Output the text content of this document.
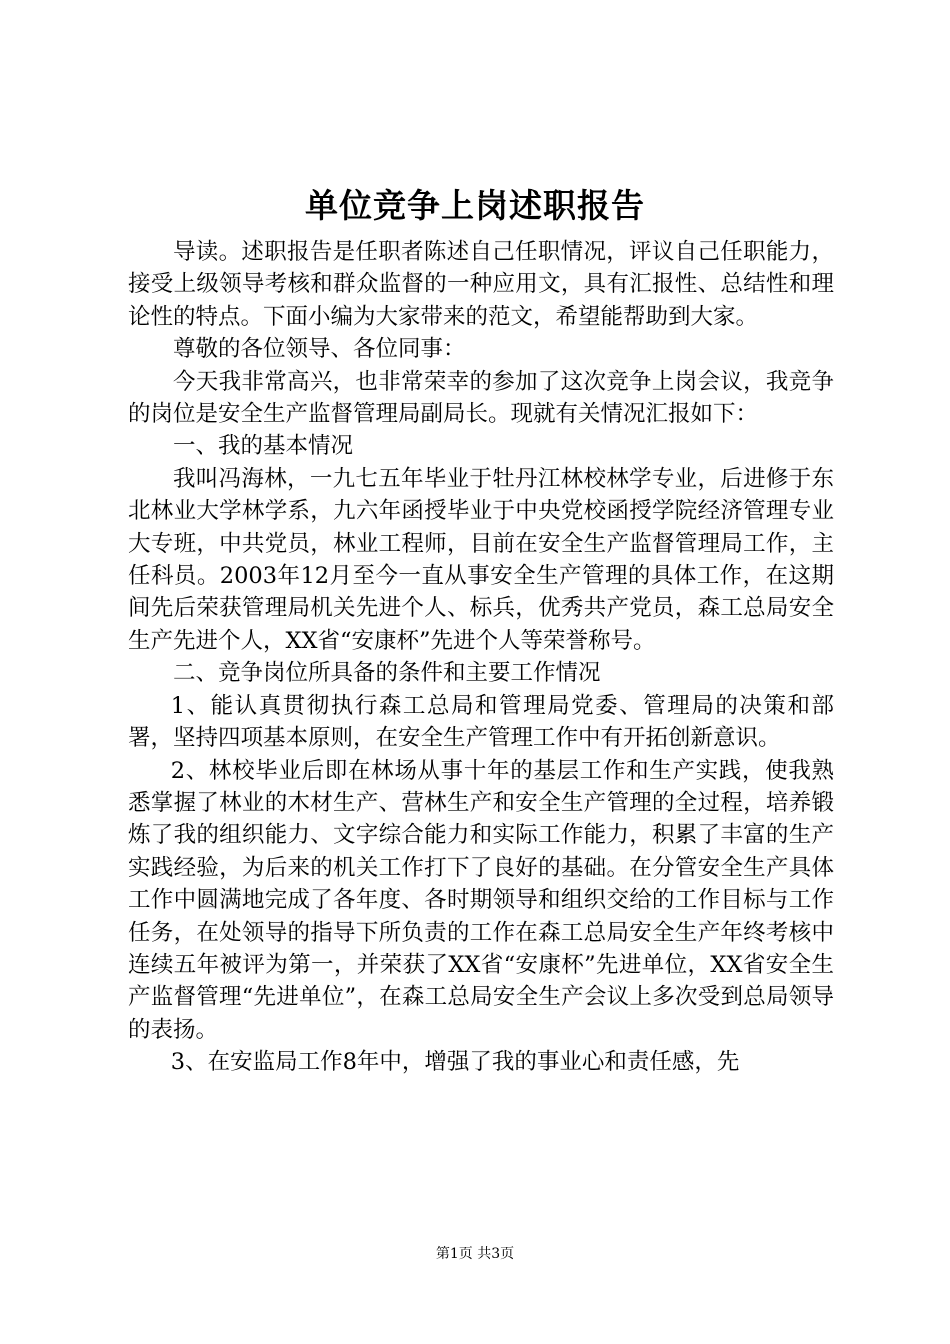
单位竞争上岗述职报告

导读。述职报告是任职者陈述自己任职情况，评议自己任职能力，接受上级领导考核和群众监督的一种应用文，具有汇报性、总结性和理论性的特点。下面小编为大家带来的范文，希望能帮助到大家。

尊敬的各位领导、各位同事：

今天我非常高兴，也非常荣幸的参加了这次竞争上岗会议，我竞争的岗位是安全生产监督管理局副局长。现就有关情况汇报如下：

一、我的基本情况

我叫冯海林，一九七五年毕业于牡丹江林校林学专业，后进修于东北林业大学林学系，九六年函授毕业于中央党校函授学院经济管理专业大专班，中共党员，林业工程师，目前在安全生产监督管理局工作，主任科员。2003年12月至今一直从事安全生产管理的具体工作，在这期间先后荣获管理局机关先进个人、标兵，优秀共产党员，森工总局安全生产先进个人，XX省“安康杯”先进个人等荣誉称号。

二、竞争岗位所具备的条件和主要工作情况

1、能认真贯彻执行森工总局和管理局党委、管理局的决策和部署，坚持四项基本原则，在安全生产管理工作中有开拓创新意识。

2、林校毕业后即在林场从事十年的基层工作和生产实践，使我熟悉掌握了林业的木材生产、营林生产和安全生产管理的全过程，培养锻炼了我的组织能力、文字综合能力和实际工作能力，积累了丰富的生产实践经验，为后来的机关工作打下了良好的基础。在分管安全生产具体工作中圆满地完成了各年度、各时期领导和组织交给的工作目标与工作任务，在处领导的指导下所负责的工作在森工总局安全生产年终考核中连续五年被评为第一，并荣获了XX省“安康杯”先进单位，XX省安全生产监督管理“先进单位”，在森工总局安全生产会议上多次受到总局领导的表扬。

3、在安监局工作8年中，增强了我的事业心和责任感，先

第1页 共3页
